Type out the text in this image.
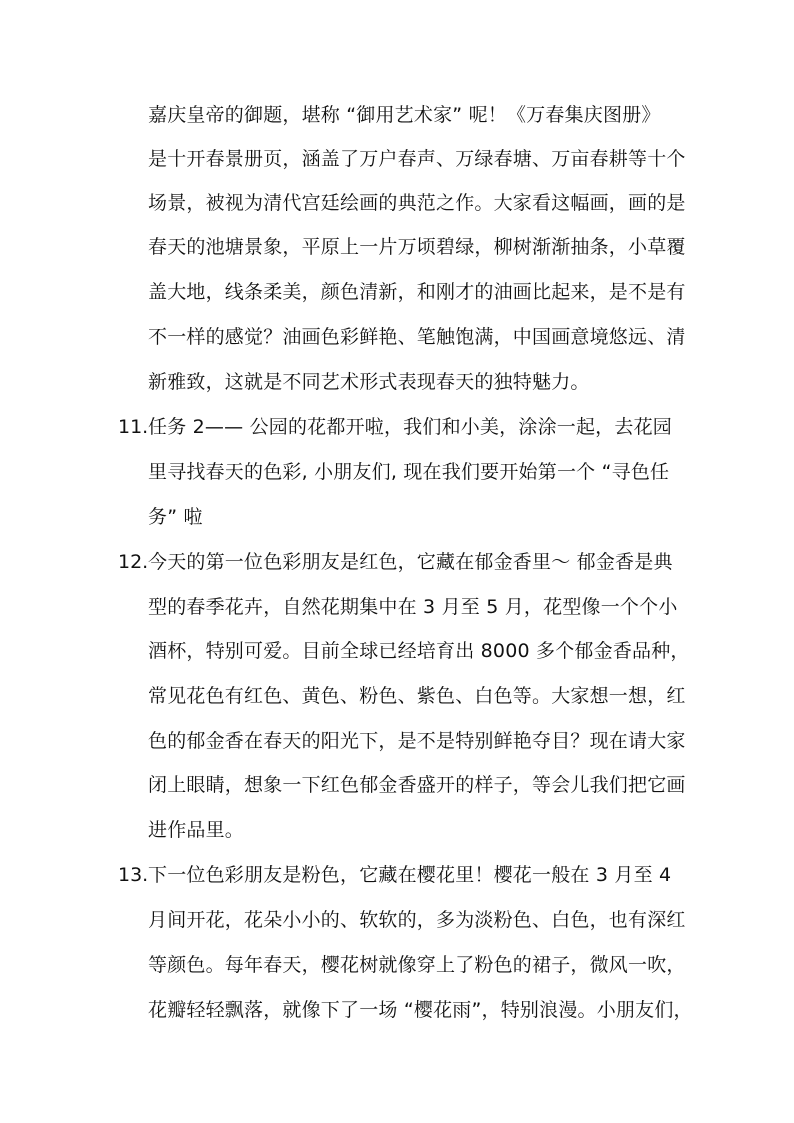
嘉庆皇帝的御题，堪称 “御用艺术家” 呢！《万春集庆图册》
是十开春景册页，涵盖了万户春声、万绿春塘、万亩春耕等十个
场景，被视为清代宫廷绘画的典范之作。大家看这幅画，画的是
春天的池塘景象，平原上一片万顷碧绿，柳树渐渐抽条，小草覆
盖大地，线条柔美，颜色清新，和刚才的油画比起来，是不是有
不一样的感觉？油画色彩鲜艳、笔触饱满，中国画意境悠远、清
新雅致，这就是不同艺术形式表现春天的独特魅力。
11. 任务 2—— 公园的花都开啦，我们和小美，涂涂一起，去花园
里寻找春天的色彩, 小朋友们, 现在我们要开始第一个 “寻色任
务” 啦
12. 今天的第一位色彩朋友是红色，它藏在郁金香里～ 郁金香是典
型的春季花卉，自然花期集中在 3 月至 5 月，花型像一个个小
酒杯，特别可爱。目前全球已经培育出 8000 多个郁金香品种，
常见花色有红色、黄色、粉色、紫色、白色等。大家想一想，红
色的郁金香在春天的阳光下，是不是特别鲜艳夺目？现在请大家
闭上眼睛，想象一下红色郁金香盛开的样子，等会儿我们把它画
进作品里。
13. 下一位色彩朋友是粉色，它藏在樱花里！樱花一般在 3 月至 4
月间开花，花朵小小的、软软的，多为淡粉色、白色，也有深红
等颜色。每年春天，樱花树就像穿上了粉色的裙子，微风一吹，
花瓣轻轻飘落，就像下了一场 “樱花雨”，特别浪漫。小朋友们，
